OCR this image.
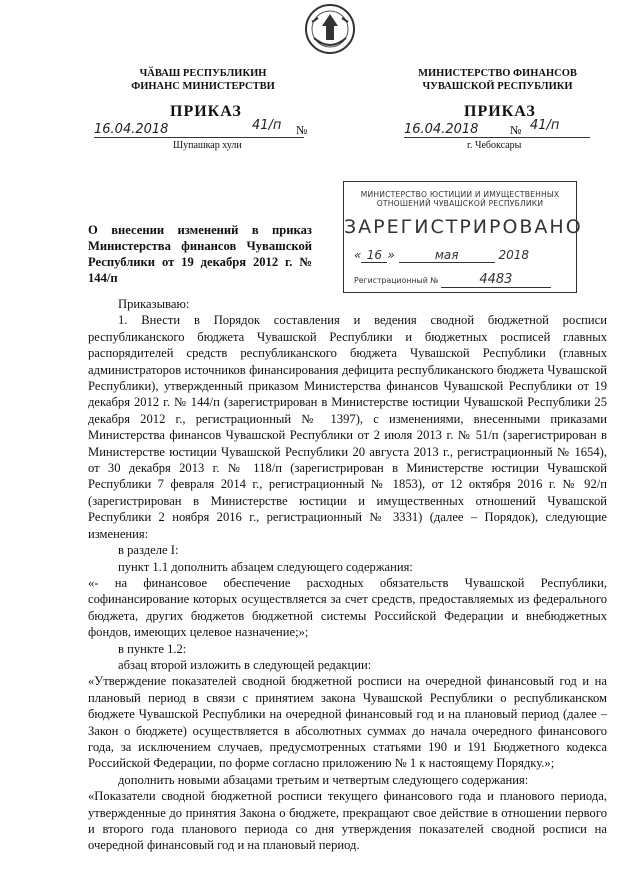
ЧӐВАШ РЕСПУБЛИКИН
ФИНАНС МИНИСТЕРСТВИ
ПРИКАЗ
16.04.2018	41/п №
Шупашкар хули
МИНИСТЕРСТВО ФИНАНСОВ
ЧУВАШСКОЙ РЕСПУБЛИКИ
ПРИКАЗ
16.04.2018	№ 41/п
г. Чебоксары
МИНИСТЕРСТВО ЮСТИЦИИ И ИМУЩЕСТВЕННЫХ
ОТНОШЕНИЙ ЧУВАШСКОЙ РЕСПУБЛИКИ
ЗАРЕГИСТРИРОВАНО
« 16 »	мая	2018
Регистрационный №	4483
О внесении изменений в приказ Министерства финансов Чувашской Республики от 19 декабря 2012 г. № 144/п

Приказываю:

1. Внести в Порядок составления и ведения сводной бюджетной росписи республиканского бюджета Чувашской Республики и бюджетных росписей главных распорядителей средств республиканского бюджета Чувашской Республики (главных администраторов источников финансирования дефицита республиканского бюджета Чувашской Республики), утвержденный приказом Министерства финансов Чувашской Республики от 19 декабря 2012 г. № 144/п (зарегистрирован в Министерстве юстиции Чувашской Республики 25 декабря 2012 г., регистрационный № 1397), с изменениями, внесенными приказами Министерства финансов Чувашской Республики от 2 июля 2013 г. № 51/п (зарегистрирован в Министерстве юстиции Чувашской Республики 20 августа 2013 г., регистрационный № 1654), от 30 декабря 2013 г. № 118/п (зарегистрирован в Министерстве юстиции Чувашской Республики 7 февраля 2014 г., регистрационный № 1853), от 12 октября 2016 г. № 92/п (зарегистрирован в Министерстве юстиции и имущественных отношений Чувашской Республики 2 ноября 2016 г., регистрационный № 3331) (далее – Порядок), следующие изменения:

в разделе I:

пункт 1.1 дополнить абзацем следующего содержания:

«- на финансовое обеспечение расходных обязательств Чувашской Республики, софинансирование которых осуществляется за счет средств, предоставляемых из федерального бюджета, других бюджетов бюджетной системы Российской Федерации и внебюджетных фондов, имеющих целевое назначение;»;

в пункте 1.2:

абзац второй изложить в следующей редакции:

«Утверждение показателей сводной бюджетной росписи на очередной финансовый год и на плановый период в связи с принятием закона Чувашской Республики о республиканском бюджете Чувашской Республики на очередной финансовый год и на плановый период (далее – Закон о бюджете) осуществляется в абсолютных суммах до начала очередного финансового года, за исключением случаев, предусмотренных статьями 190 и 191 Бюджетного кодекса Российской Федерации, по форме согласно приложению № 1 к настоящему Порядку.»;

дополнить новыми абзацами третьим и четвертым следующего содержания:

«Показатели сводной бюджетной росписи текущего финансового года и планового периода, утвержденные до принятия Закона о бюджете, прекращают свое действие в отношении первого и второго года планового периода со дня утверждения показателей сводной росписи на очередной финансовый год и на плановый период.
